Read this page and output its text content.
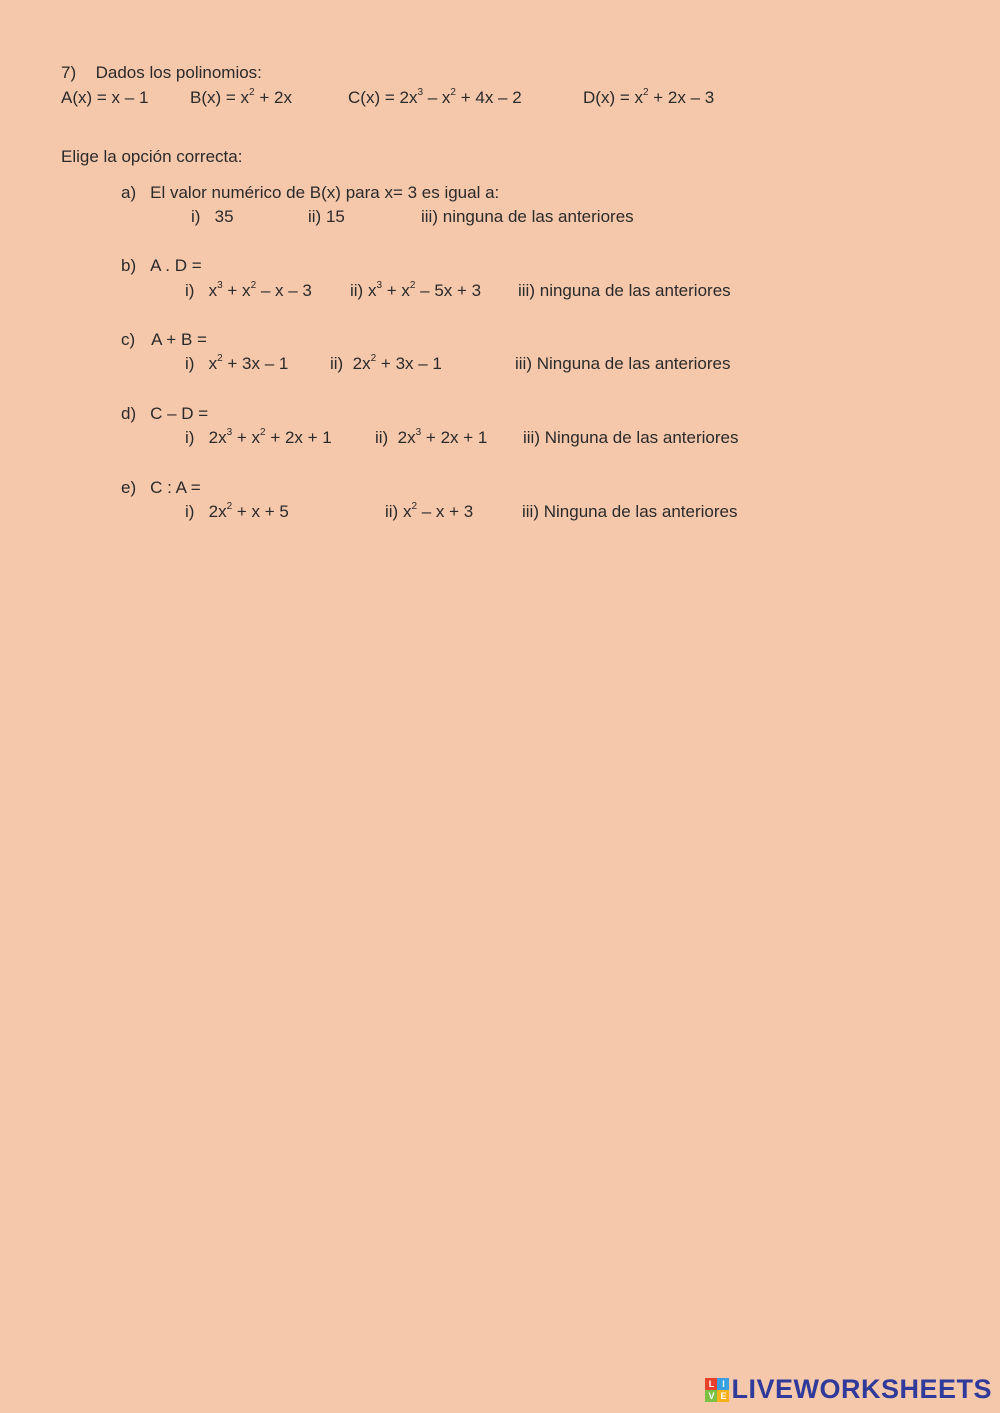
7) Dados los polinomios:
A(x) = x – 1 $B(x) = x^2 + 2x$	$C(x) = 2x^3 - x^2 + 4x - 2$	$D(x) = x^2 + 2x - 3$
Elige la opción correcta:
a) El valor numérico de B(x) para x= 3 es igual a:
i) 35	ii) 15	iii) ninguna de las anteriores
b) A . D =
i) $x^3 + x^2 - x - 3$ ii) $x^3 + x^2 - 5x + 3$ iii) ninguna de las anteriores
c) A + B =
i) $x^2 + 3x - 1$ ii) $2x^2 + 3x - 1$	iii) Ninguna de las anteriores
d) C – D =
i) $2x^3 + x^2 + 2x + 1$	ii) $2x^3 + 2x + 1$ iii) Ninguna de las anteriores
e) C : A =
i) $2x^2 + x + 5$	ii) $x^2 - x + 3$	iii) Ninguna de las anteriores
L I
V E LIVEWORKSHEETS
